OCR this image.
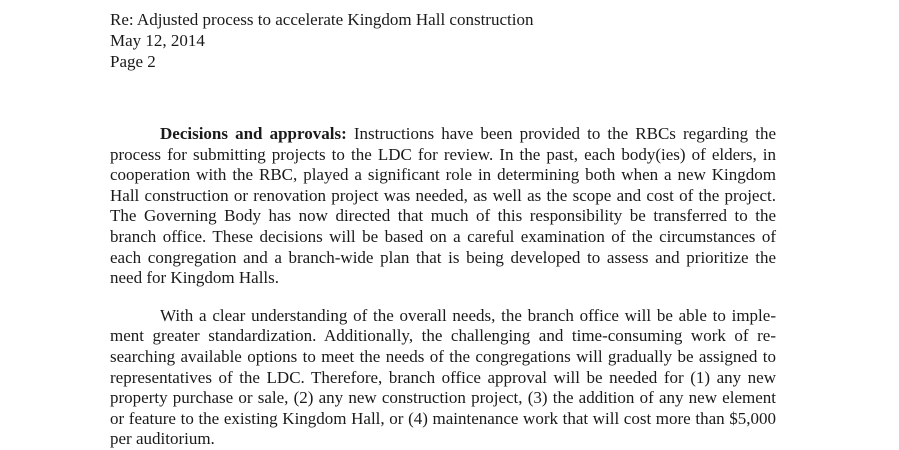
Re: Adjusted process to accelerate Kingdom Hall construction
May 12, 2014
Page 2

Decisions and approvals: Instructions have been provided to the RBCs regarding the process for submitting projects to the LDC for review. In the past, each body(ies) of elders, in cooperation with the RBC, played a significant role in determining both when a new Kingdom Hall construction or renovation project was needed, as well as the scope and cost of the project. The Governing Body has now directed that much of this responsibility be transferred to the branch office. These decisions will be based on a careful examination of the circumstances of each congregation and a branch-wide plan that is being developed to assess and prioritize the need for Kingdom Halls.

With a clear understanding of the overall needs, the branch office will be able to implement greater standardization. Additionally, the challenging and time-consuming work of researching available options to meet the needs of the congregations will gradually be assigned to representatives of the LDC. Therefore, branch office approval will be needed for (1) any new property purchase or sale, (2) any new construction project, (3) the addition of any new element or feature to the existing Kingdom Hall, or (4) maintenance work that will cost more than $5,000 per auditorium.
